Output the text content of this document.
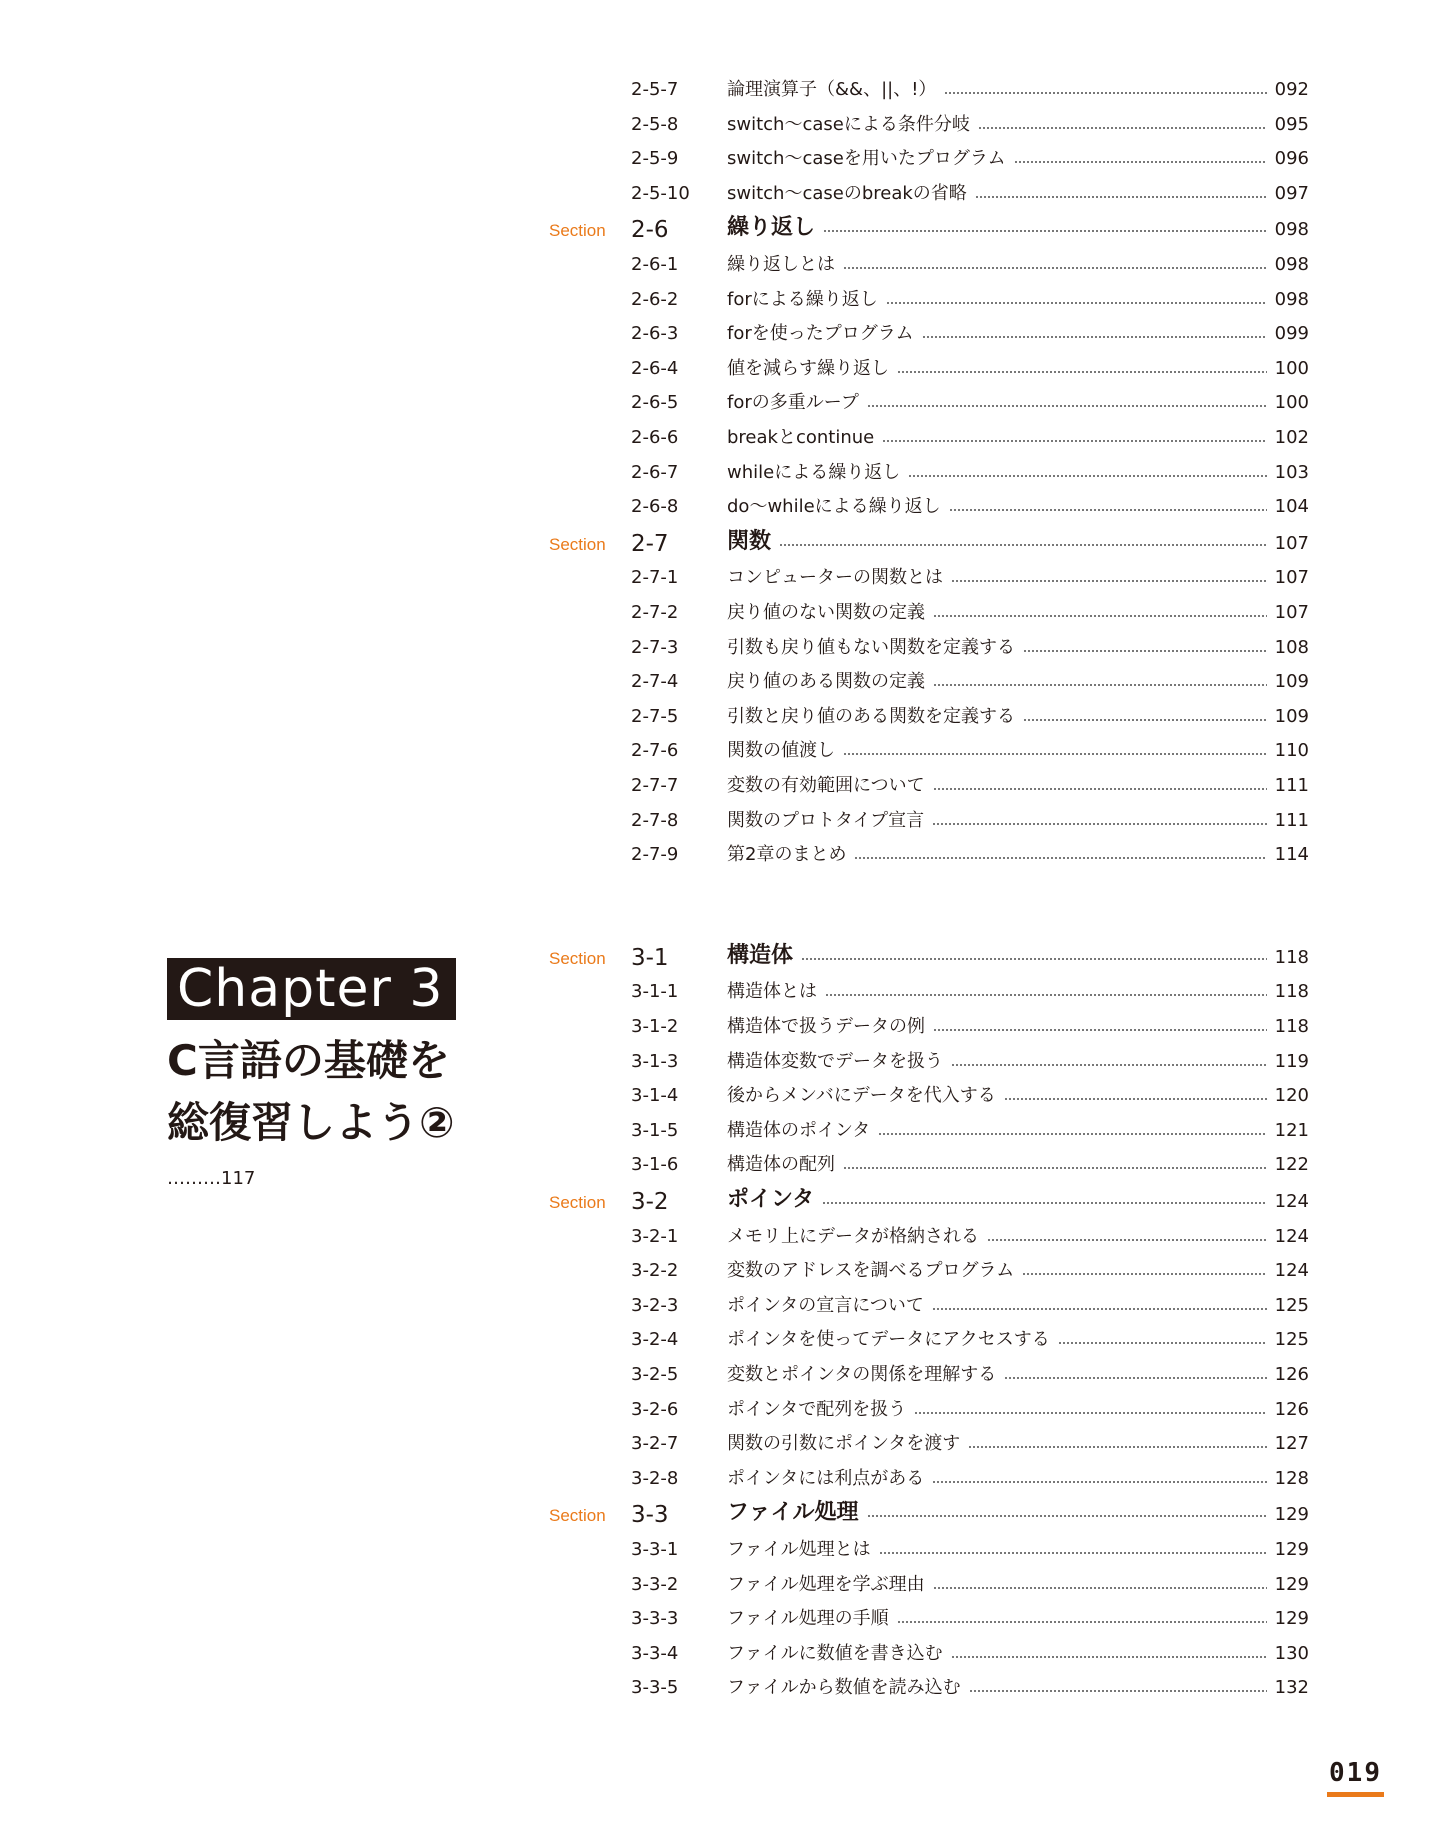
2-5-7	論理演算子（&&、||、!）	092
2-5-8	switch～caseによる条件分岐	095
2-5-9	switch～caseを用いたプログラム	096
2-5-10 switch～caseのbreakの省略	097
Section 2-6	繰り返し	098
2-6-1	繰り返しとは	098
2-6-2	forによる繰り返し	098
2-6-3	forを使ったプログラム	099
2-6-4	値を減らす繰り返し	100
2-6-5	forの多重ループ	100
2-6-6	breakとcontinue	102
2-6-7	whileによる繰り返し	103
2-6-8	do～whileによる繰り返し	104
Section 2-7	関数	107
2-7-1	コンピューターの関数とは	107
2-7-2	戻り値のない関数の定義	107
2-7-3	引数も戻り値もない関数を定義する	108
2-7-4	戻り値のある関数の定義	109
2-7-5	引数と戻り値のある関数を定義する	109
2-7-6	関数の値渡し	110
2-7-7	変数の有効範囲について	111
2-7-8	関数のプロトタイプ宣言	111
2-7-9	第2章のまとめ	114
Section 3-1	構造体	118
3-1-1	構造体とは	118
3-1-2	構造体で扱うデータの例	118
3-1-3	構造体変数でデータを扱う	119
3-1-4	後からメンバにデータを代入する	120
3-1-5	構造体のポインタ	121
3-1-6	構造体の配列	122
Section 3-2	ポインタ	124
3-2-1	メモリ上にデータが格納される	124
3-2-2	変数のアドレスを調べるプログラム	124
3-2-3	ポインタの宣言について	125
3-2-4	ポインタを使ってデータにアクセスする	125
3-2-5	変数とポインタの関係を理解する	126
3-2-6	ポインタで配列を扱う	126
3-2-7	関数の引数にポインタを渡す	127
3-2-8	ポインタには利点がある	128
Section 3-3	ファイル処理	129
3-3-1	ファイル処理とは	129
3-3-2	ファイル処理を学ぶ理由	129
3-3-3	ファイル処理の手順	129
3-3-4	ファイルに数値を書き込む	130
3-3-5	ファイルから数値を読み込む	132
Chapter 3
C言語の基礎を
総復習しよう②
………117
019
